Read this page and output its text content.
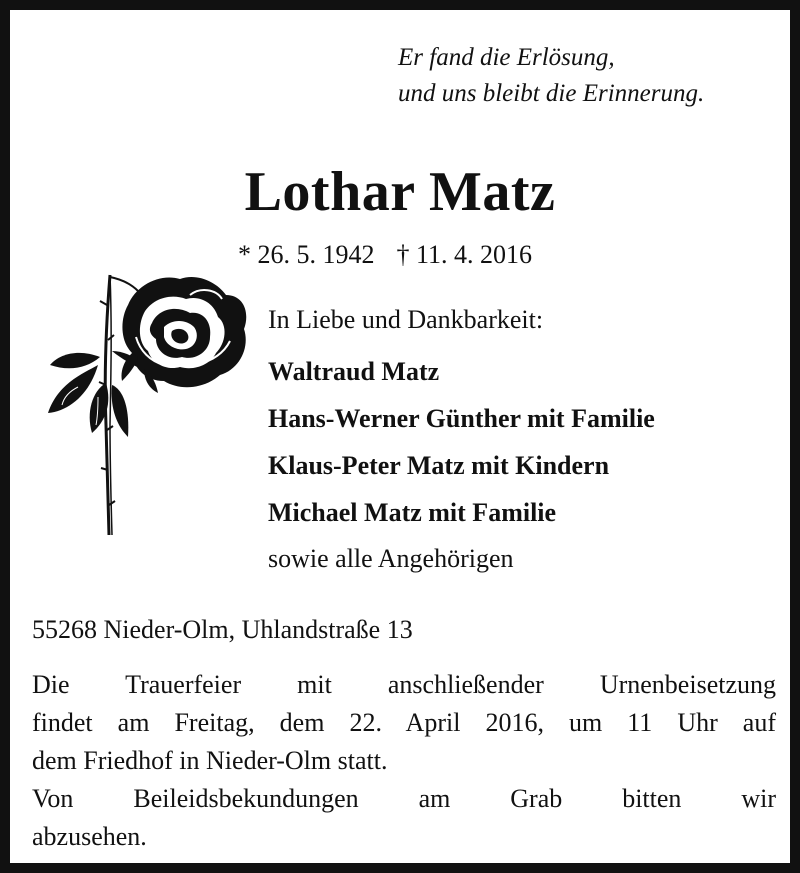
Er fand die Erlösung,
und uns bleibt die Erinnerung.
Lothar Matz
* 26. 5. 1942 † 11. 4. 2016
In Liebe und Dankbarkeit:
Waltraud Matz
Hans-Werner Günther mit Familie
Klaus-Peter Matz mit Kindern
Michael Matz mit Familie
sowie alle Angehörigen
55268 Nieder-Olm, Uhlandstraße 13
Die Trauerfeier mit anschließender Urnenbeisetzung
findet am Freitag, dem 22. April 2016, um 11 Uhr auf
dem Friedhof in Nieder-Olm statt.
Von Beileidsbekundungen am Grab bitten wir
abzusehen.
